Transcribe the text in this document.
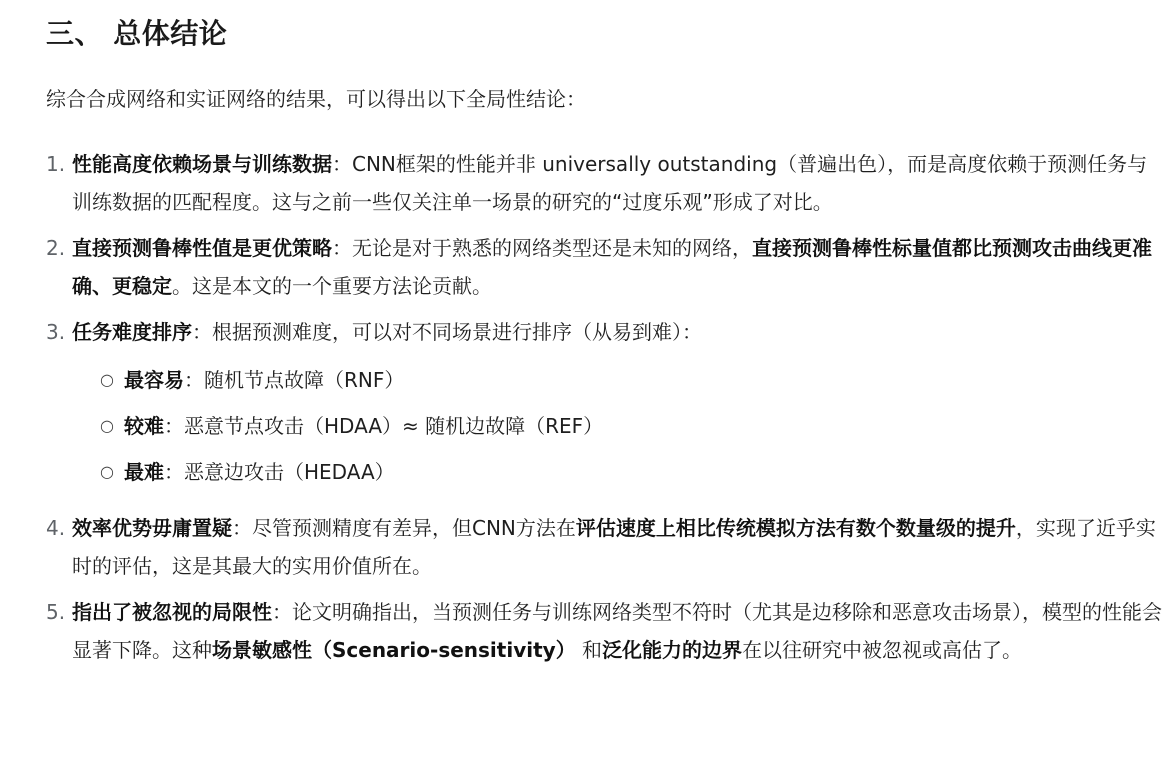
三、 总体结论
综合合成网络和实证网络的结果，可以得出以下全局性结论：
1. 性能高度依赖场景与训练数据：CNN框架的性能并非 universally outstanding（普遍出色），而是高度依赖于预测任务与训练数据的匹配程度。这与之前一些仅关注单一场景的研究的“过度乐观”形成了对比。
2. 直接预测鲁棒性值是更优策略：无论是对于熟悉的网络类型还是未知的网络，直接预测鲁棒性标量值都比预测攻击曲线更准确、更稳定。这是本文的一个重要方法论贡献。
3. 任务难度排序：根据预测难度，可以对不同场景进行排序（从易到难）：
○ 最容易：随机节点故障（RNF）
○ 较难：恶意节点攻击（HDAA）≈ 随机边故障（REF）
○ 最难：恶意边攻击（HEDAA）
4. 效率优势毋庸置疑：尽管预测精度有差异，但CNN方法在评估速度上相比传统模拟方法有数个数量级的提升，实现了近乎实时的评估，这是其最大的实用价值所在。
5. 指出了被忽视的局限性：论文明确指出，当预测任务与训练网络类型不符时（尤其是边移除和恶意攻击场景），模型的性能会显著下降。这种场景敏感性（Scenario-sensitivity） 和泛化能力的边界在以往研究中被忽视或高估了。
